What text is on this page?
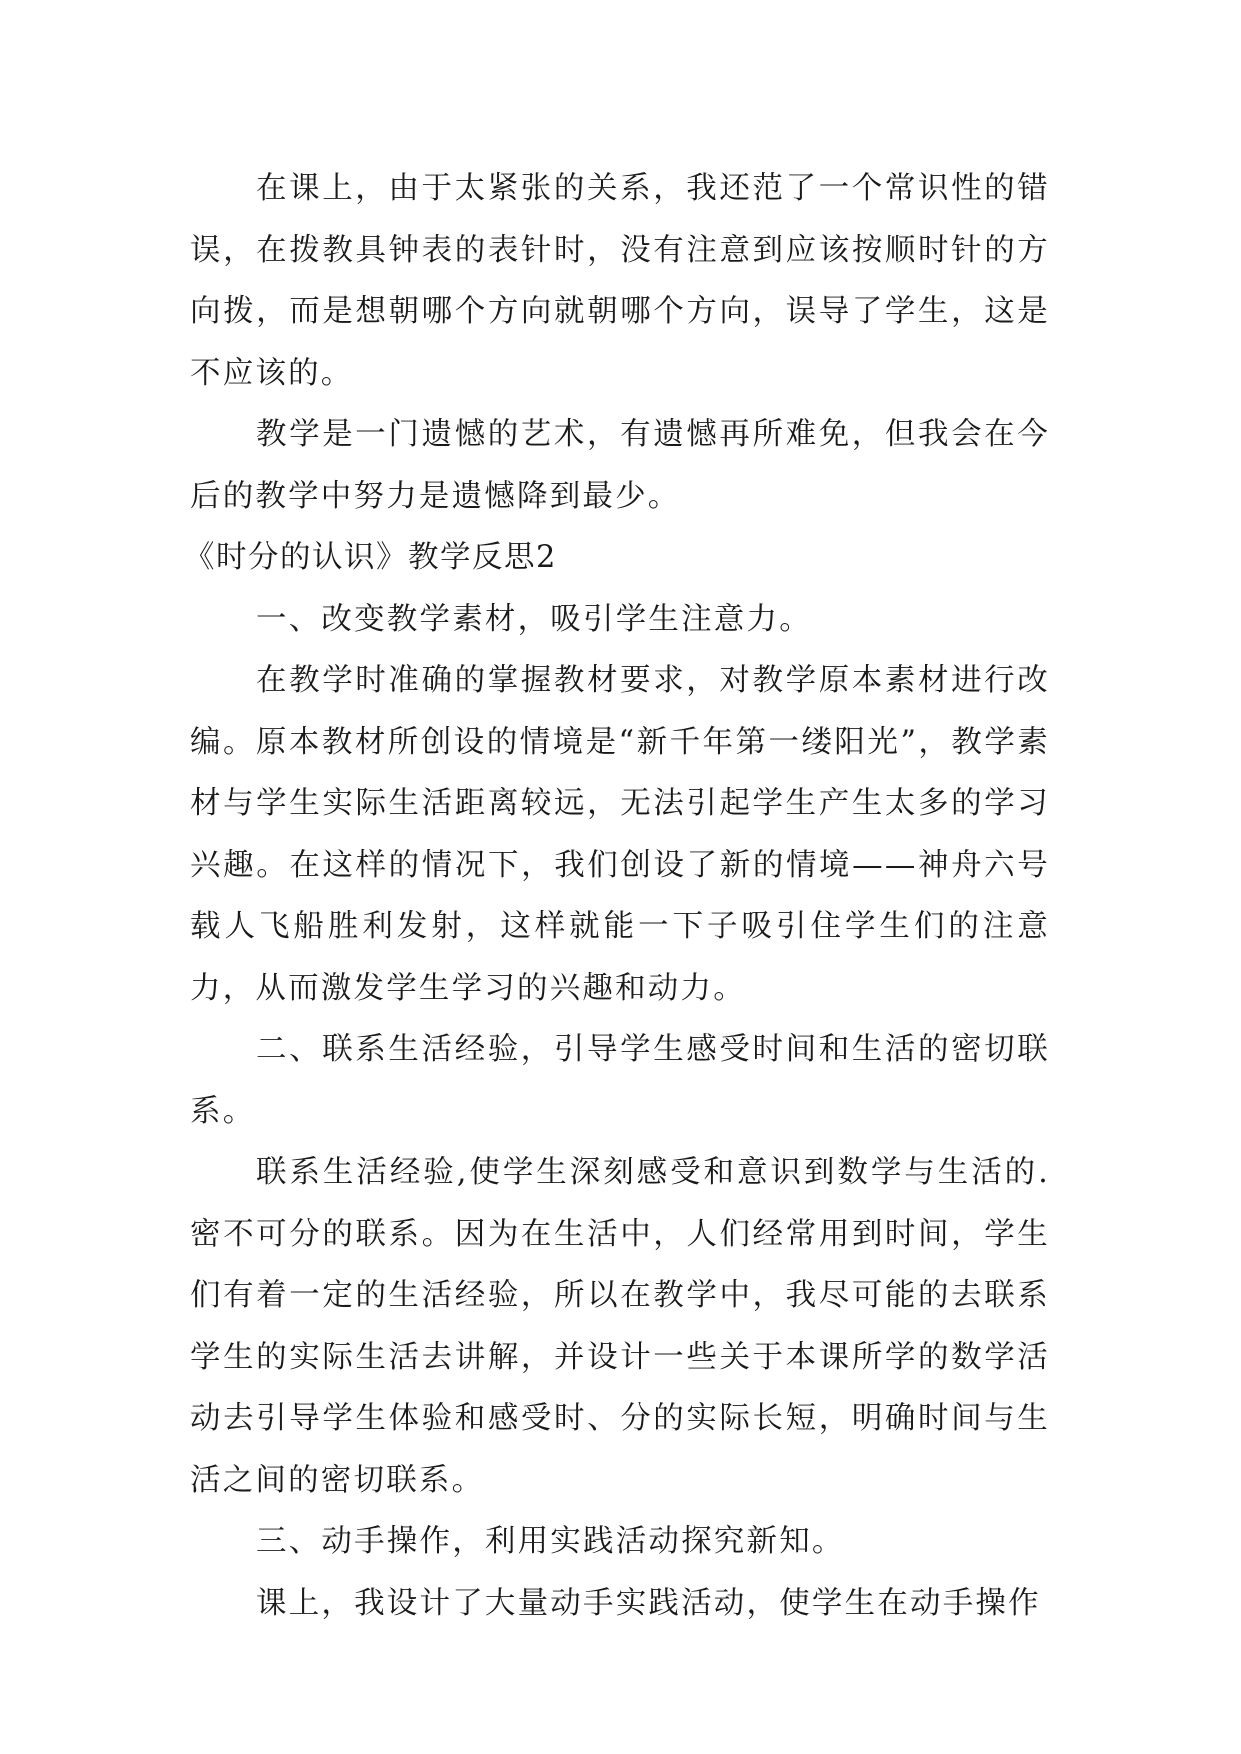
在课上，由于太紧张的关系，我还范了一个常识性的错误，在拨教具钟表的表针时，没有注意到应该按顺时针的方向拨，而是想朝哪个方向就朝哪个方向，误导了学生，这是不应该的。

教学是一门遗憾的艺术，有遗憾再所难免，但我会在今后的教学中努力是遗憾降到最少。

《时分的认识》教学反思2

一、改变教学素材，吸引学生注意力。

在教学时准确的掌握教材要求，对教学原本素材进行改编。原本教材所创设的情境是“新千年第一缕阳光”，教学素材与学生实际生活距离较远，无法引起学生产生太多的学习兴趣。在这样的情况下，我们创设了新的情境——神舟六号载人飞船胜利发射，这样就能一下子吸引住学生们的注意力，从而激发学生学习的兴趣和动力。

二、联系生活经验，引导学生感受时间和生活的密切联系。

联系生活经验,使学生深刻感受和意识到数学与生活的.密不可分的联系。因为在生活中，人们经常用到时间，学生们有着一定的生活经验，所以在教学中，我尽可能的去联系学生的实际生活去讲解，并设计一些关于本课所学的数学活动去引导学生体验和感受时、分的实际长短，明确时间与生活之间的密切联系。

三、动手操作，利用实践活动探究新知。

课上，我设计了大量动手实践活动，使学生在动手操作
